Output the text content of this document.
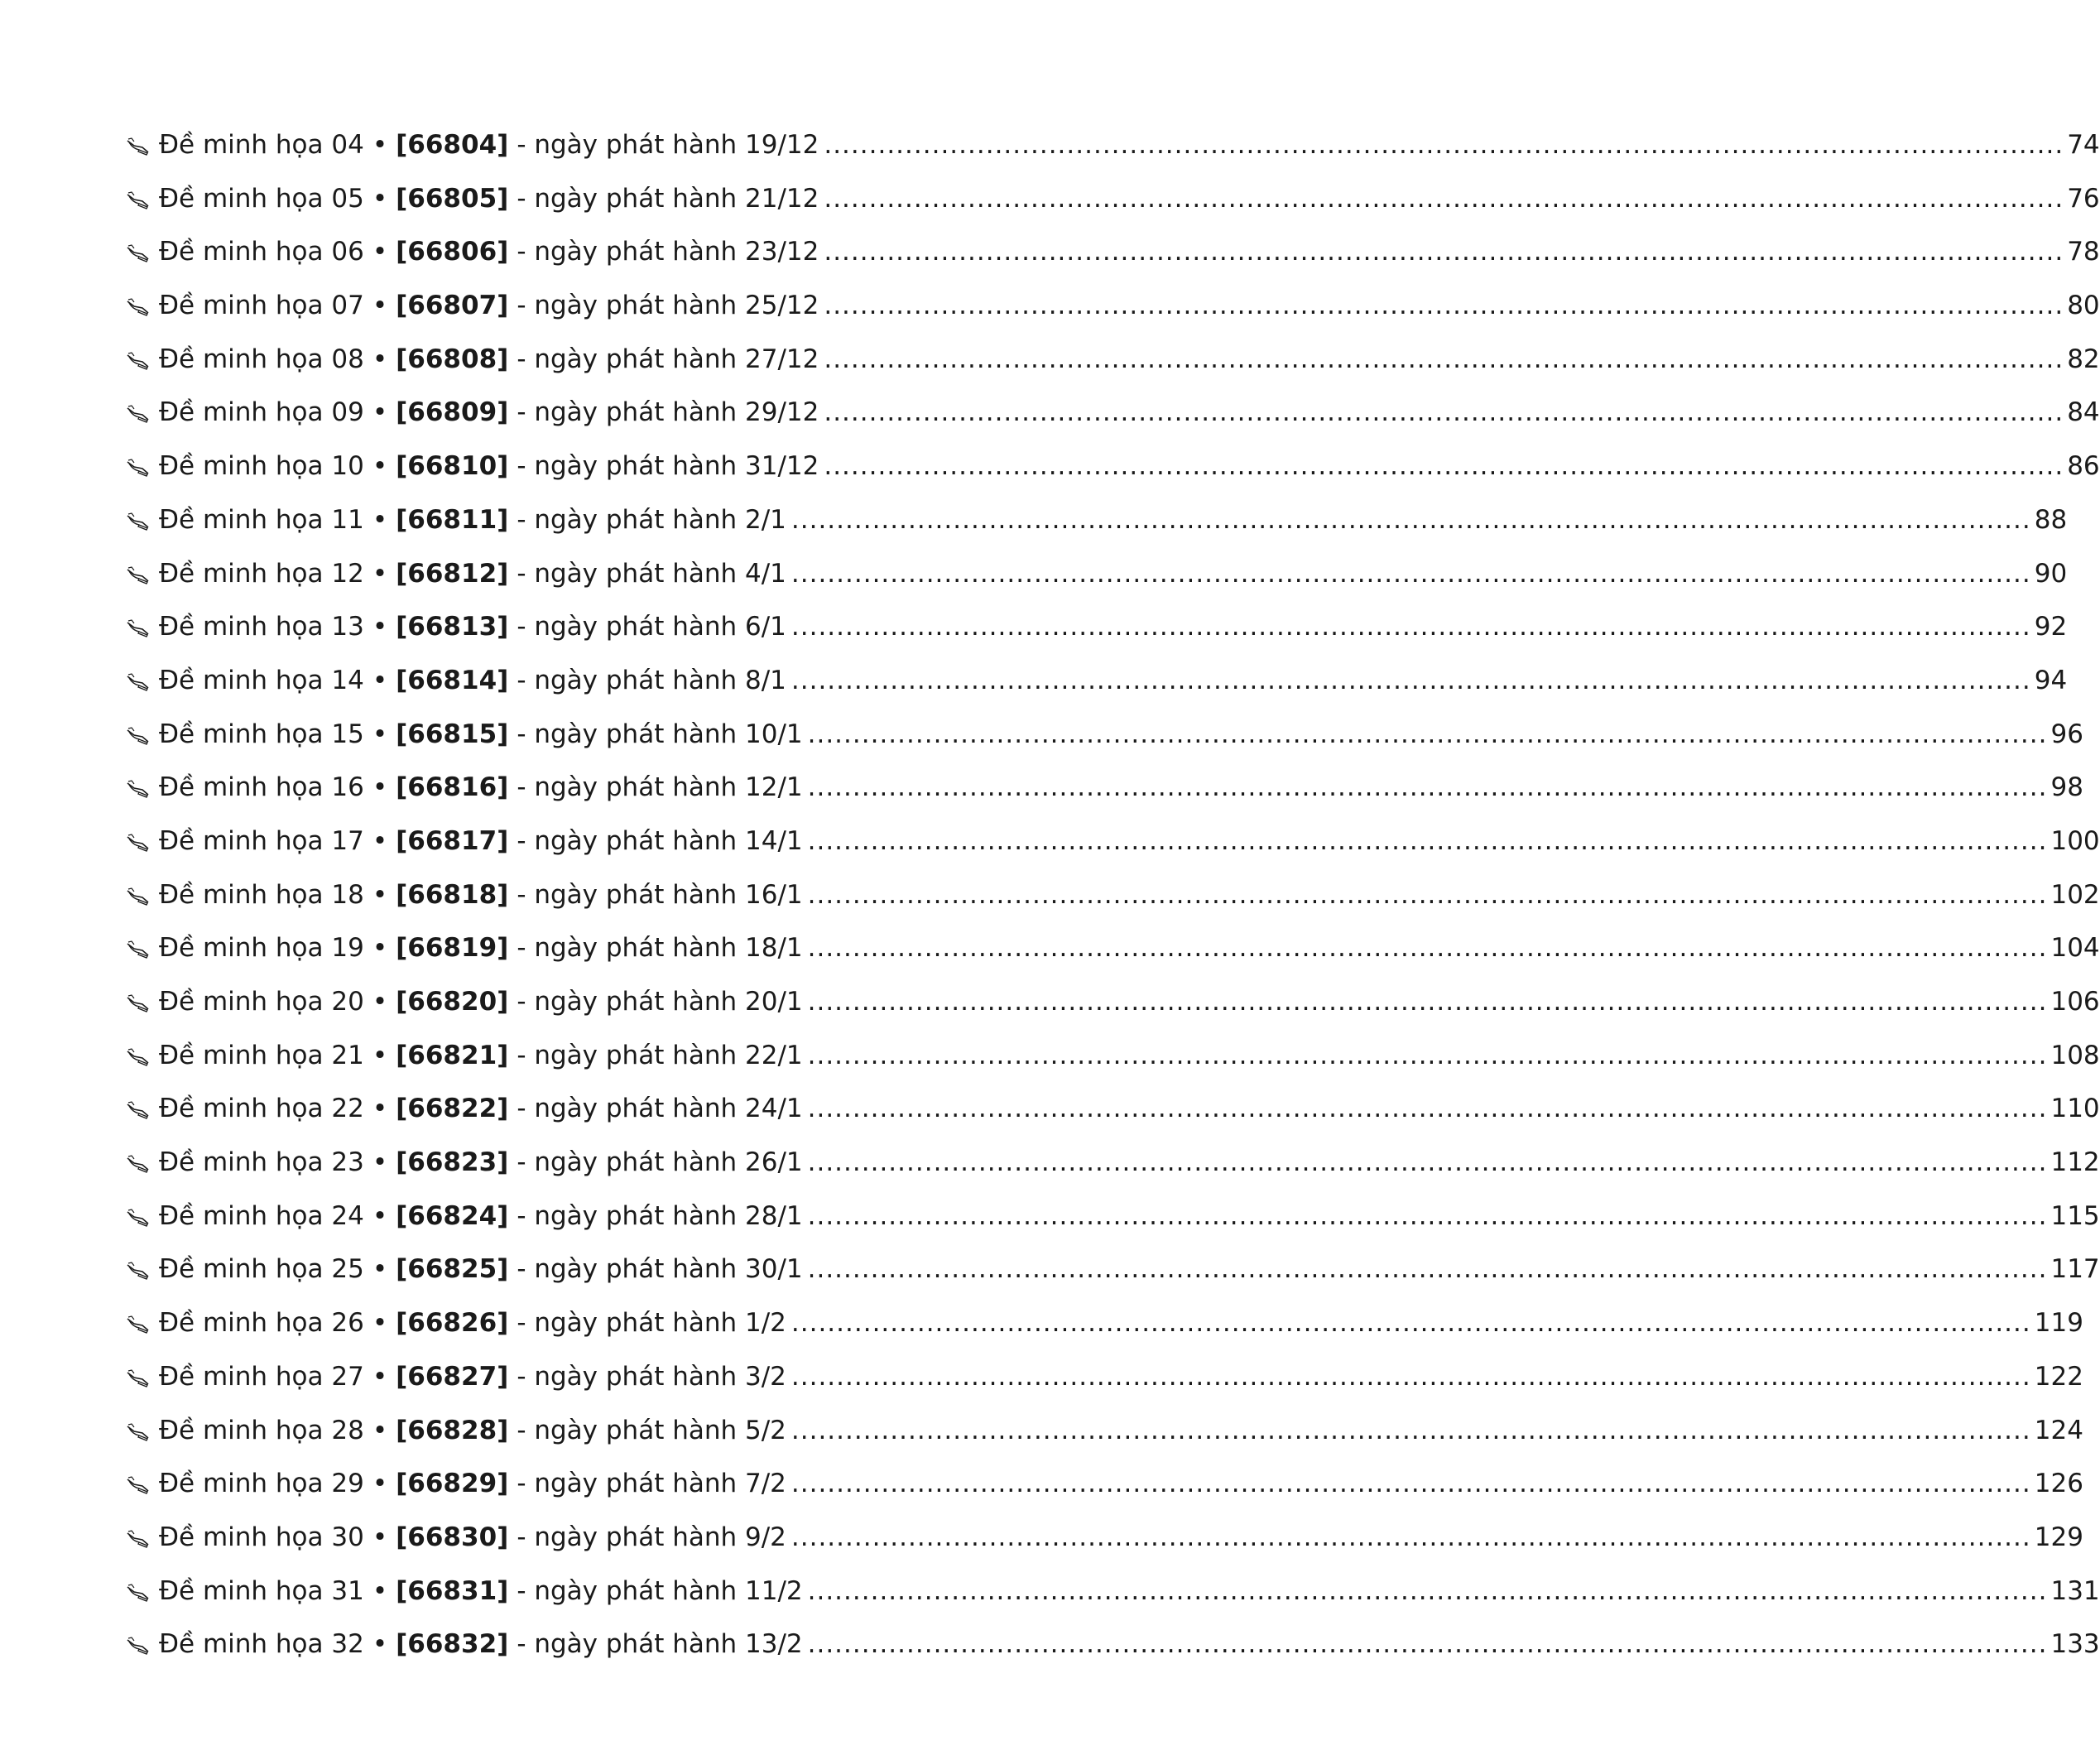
Đề minh họa 04 • [66804] - ngày phát hành 19/12 .......................................................................................................................................... 74
Đề minh họa 05 • [66805] - ngày phát hành 21/12 .......................................................................................................................................... 76
Đề minh họa 06 • [66806] - ngày phát hành 23/12 .......................................................................................................................................... 78
Đề minh họa 07 • [66807] - ngày phát hành 25/12 .......................................................................................................................................... 80
Đề minh họa 08 • [66808] - ngày phát hành 27/12 .......................................................................................................................................... 82
Đề minh họa 09 • [66809] - ngày phát hành 29/12 .......................................................................................................................................... 84
Đề minh họa 10 • [66810] - ngày phát hành 31/12 .......................................................................................................................................... 86
Đề minh họa 11 • [66811] - ngày phát hành 2/1 .......................................................................................................................................... 88
Đề minh họa 12 • [66812] - ngày phát hành 4/1 .......................................................................................................................................... 90
Đề minh họa 13 • [66813] - ngày phát hành 6/1 .......................................................................................................................................... 92
Đề minh họa 14 • [66814] - ngày phát hành 8/1 .......................................................................................................................................... 94
Đề minh họa 15 • [66815] - ngày phát hành 10/1 .......................................................................................................................................... 96
Đề minh họa 16 • [66816] - ngày phát hành 12/1 .......................................................................................................................................... 98
Đề minh họa 17 • [66817] - ngày phát hành 14/1 .......................................................................................................................................... 100
Đề minh họa 18 • [66818] - ngày phát hành 16/1 .......................................................................................................................................... 102
Đề minh họa 19 • [66819] - ngày phát hành 18/1 .......................................................................................................................................... 104
Đề minh họa 20 • [66820] - ngày phát hành 20/1 .......................................................................................................................................... 106
Đề minh họa 21 • [66821] - ngày phát hành 22/1 .......................................................................................................................................... 108
Đề minh họa 22 • [66822] - ngày phát hành 24/1 .......................................................................................................................................... 110
Đề minh họa 23 • [66823] - ngày phát hành 26/1 .......................................................................................................................................... 112
Đề minh họa 24 • [66824] - ngày phát hành 28/1 .......................................................................................................................................... 115
Đề minh họa 25 • [66825] - ngày phát hành 30/1 .......................................................................................................................................... 117
Đề minh họa 26 • [66826] - ngày phát hành 1/2 .......................................................................................................................................... 119
Đề minh họa 27 • [66827] - ngày phát hành 3/2 .......................................................................................................................................... 122
Đề minh họa 28 • [66828] - ngày phát hành 5/2 .......................................................................................................................................... 124
Đề minh họa 29 • [66829] - ngày phát hành 7/2 .......................................................................................................................................... 126
Đề minh họa 30 • [66830] - ngày phát hành 9/2 .......................................................................................................................................... 129
Đề minh họa 31 • [66831] - ngày phát hành 11/2 .......................................................................................................................................... 131
Đề minh họa 32 • [66832] - ngày phát hành 13/2 .......................................................................................................................................... 133
